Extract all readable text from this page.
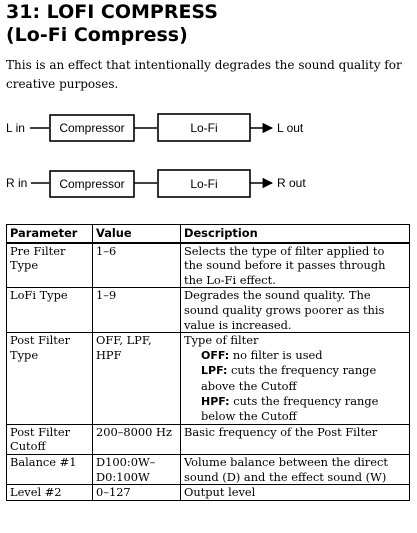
31: LOFI COMPRESS
(Lo-Fi Compress)
This is an effect that intentionally degrades the sound quality for creative purposes.
L in	Compressor	Lo-Fi	L out
R in	Compressor	Lo-Fi	R out
Parameter	Value	Description
Pre Filter Type	1–6	Selects the type of filter applied to the sound before it passes through the Lo-Fi effect.
LoFi Type	1–9	Degrades the sound quality. The sound quality grows poorer as this value is increased.
Post Filter Type	OFF, LPF, HPF	Type of filter
OFF: no filter is used
LPF: cuts the frequency range above the Cutoff
HPF: cuts the frequency range below the Cutoff

Post Filter Cutoff	200–8000 Hz	Basic frequency of the Post Filter
Balance #1	D100:0W–D0:100W	Volume balance between the direct sound (D) and the effect sound (W)
Level #2	0–127	Output level
